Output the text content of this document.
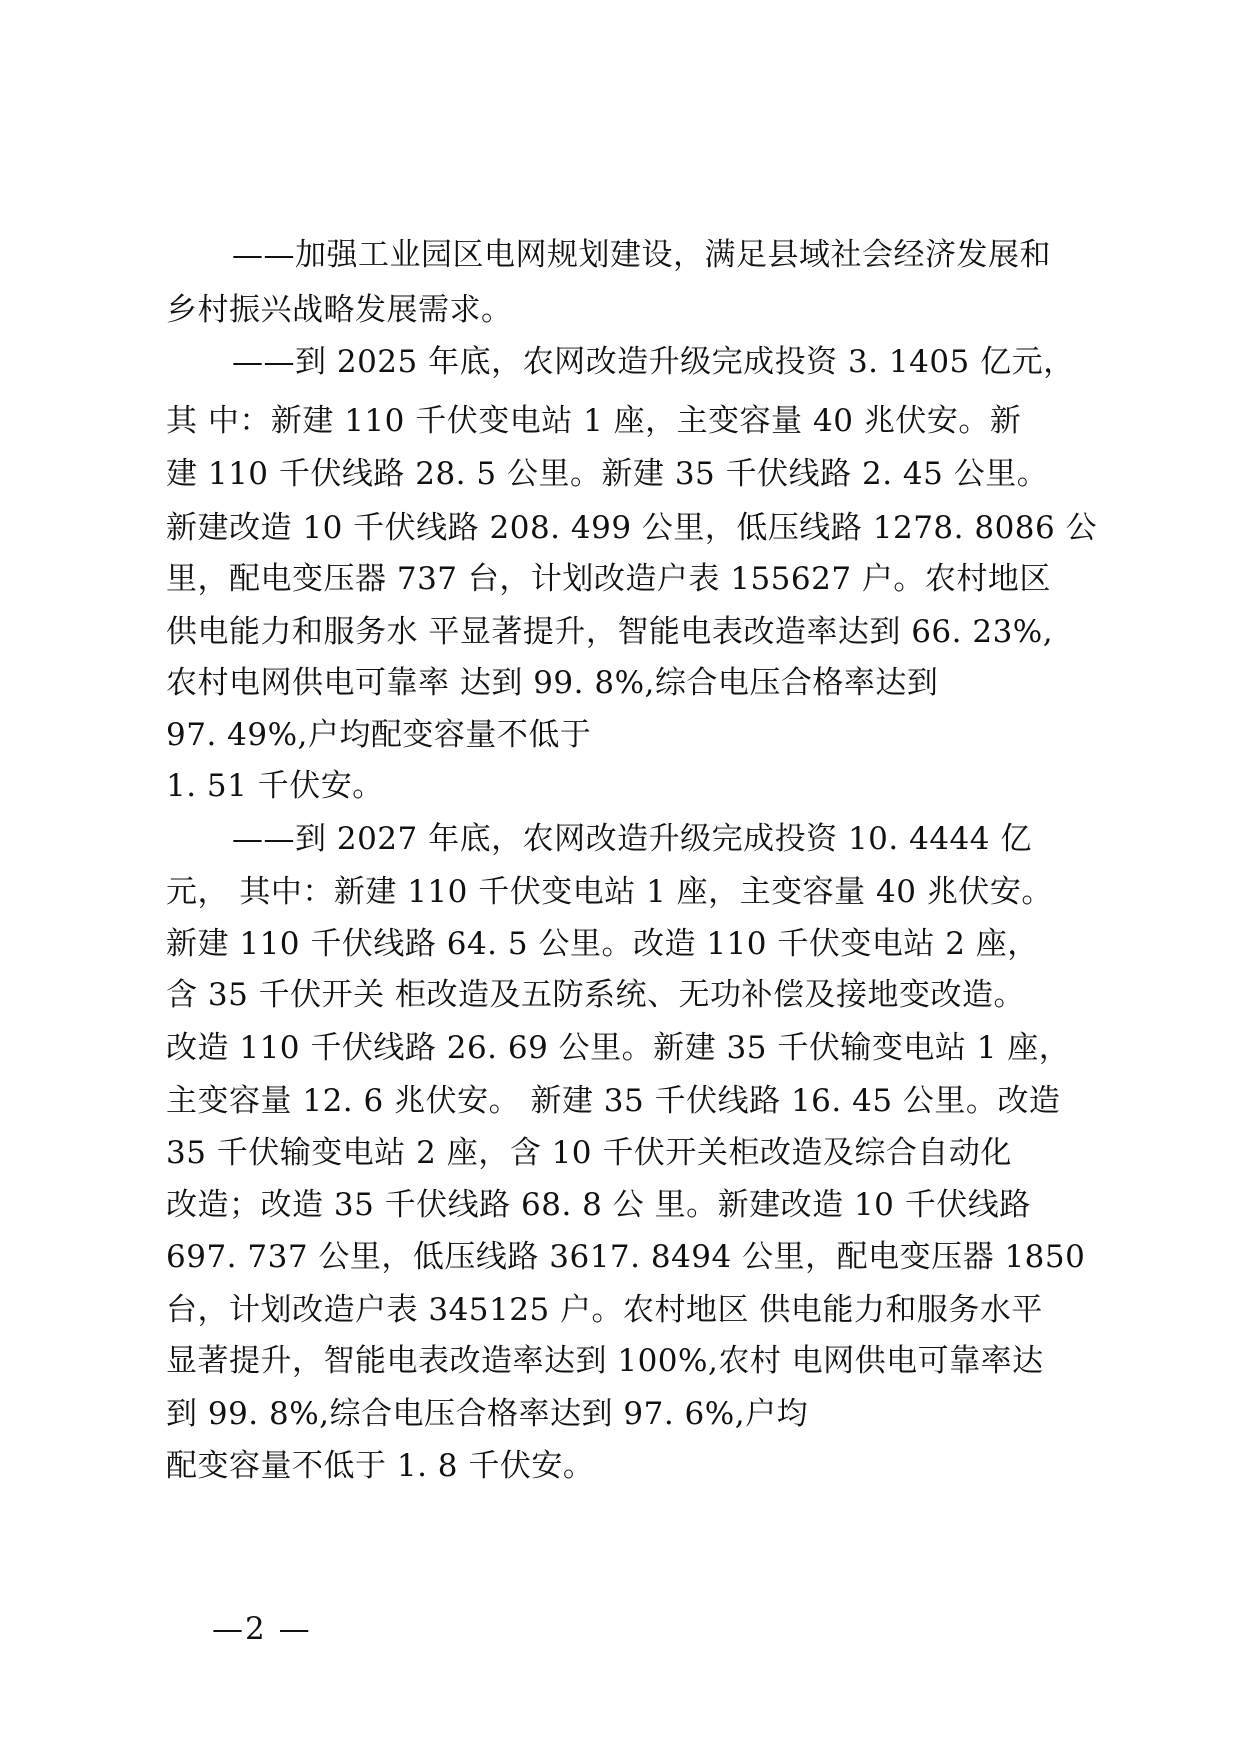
——加强工业园区电网规划建设，满足县域社会经济发展和
乡村振兴战略发展需求。
——到 2025 年底，农网改造升级完成投资 3. 1405 亿元，
其 中：新建 110 千伏变电站 1 座，主变容量 40 兆伏安。新
建 110 千伏线路 28. 5 公里。新建 35 千伏线路 2. 45 公里。
新建改造 10 千伏线路 208. 499 公里，低压线路 1278. 8086 公
里，配电变压器 737 台，计划改造户表 155627 户。农村地区
供电能力和服务水 平显著提升，智能电表改造率达到 66. 23%,
农村电网供电可靠率 达到 99. 8%,综合电压合格率达到
97. 49%,户均配变容量不低于
1. 51 千伏安。
——到 2027 年底，农网改造升级完成投资 10. 4444 亿
元， 其中：新建 110 千伏变电站 1 座，主变容量 40 兆伏安。
新建 110 千伏线路 64. 5 公里。改造 110 千伏变电站 2 座，
含 35 千伏开关 柜改造及五防系统、无功补偿及接地变改造。
改造 110 千伏线路 26. 69 公里。新建 35 千伏输变电站 1 座，
主变容量 12. 6 兆伏安。 新建 35 千伏线路 16. 45 公里。改造
35 千伏输变电站 2 座，含 10 千伏开关柜改造及综合自动化
改造；改造 35 千伏线路 68. 8 公 里。新建改造 10 千伏线路
697. 737 公里，低压线路 3617. 8494 公里，配电变压器 1850
台，计划改造户表 345125 户。农村地区 供电能力和服务水平
显著提升，智能电表改造率达到 100%,农村 电网供电可靠率达
到 99. 8%,综合电压合格率达到 97. 6%,户均
配变容量不低于 1. 8 千伏安。
—2 —
